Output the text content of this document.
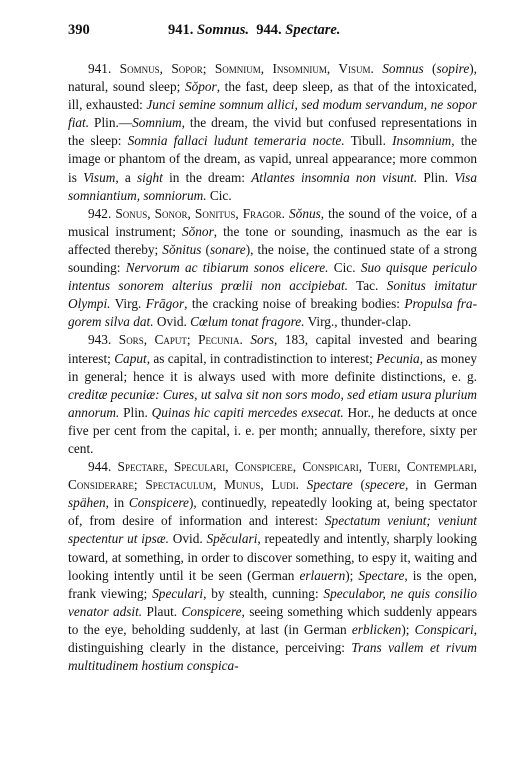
390	941. Somnus.  944. Spectare.

941. Somnus, Sopor; Somnium, Insomnium, Visum. Somnus (sopire), natural, sound sleep; Sŏpor, the fast, deep sleep, as that of the intoxicated, ill, exhausted: Junci semine somnum allici, sed modum servandum, ne sopor fiat. Plin.—Somnium, the dream, the vivid but confused representations in the sleep: Somnia fallaci ludunt temeraria nocte. Tibull. Insomnium, the image or phantom of the dream, as vapid, unreal appearance; more common is Visum, a sight in the dream: Atlantes insomnia non visunt. Plin. Visa somniantium, somniorum. Cic.

942. Sonus, Sonor, Sonitus, Fragor. Sŏnus, the sound of the voice, of a musical instrument; Sŏnor, the tone or sounding, inasmuch as the ear is affected thereby; Sŏnitus (sonare), the noise, the continued state of a strong sounding: Nervorum ac tibiarum sonos elicere. Cic. Suo quisque periculo intentus sonorem alterius prœlii non accipiebat. Tac. Sonitus imitatur Olympi. Virg. Frāgor, the cracking noise of breaking bodies: Propulsa fragorem silva dat. Ovid. Cœlum tonat fragore. Virg., thunder-clap.

943. Sors, Caput; Pecunia. Sors, 183, capital invested and bearing interest; Caput, as capital, in contradistinction to interest; Pecunia, as money in general; hence it is always used with more definite distinctions, e. g. creditæ pecuniæ: Cures, ut salva sit non sors modo, sed etiam usura plurium annorum. Plin. Quinas hic capiti mercedes exsecat. Hor., he deducts at once five per cent from the capital, i. e. per month; annually, therefore, sixty per cent.

944. Spectare, Speculari, Conspicere, Conspicari, Tueri, Contemplari, Considerare; Spectaculum, Munus, Ludi. Spectare (specere, in German spähen, in Conspicere), continuedly, repeatedly looking at, being spectator of, from desire of information and interest: Spectatum veniunt; veniunt spectentur ut ipsæ. Ovid. Spĕculari, repeatedly and intently, sharply looking toward, at something, in order to discover something, to espy it, waiting and looking intently until it be seen (German erlauern); Spectare, is the open, frank viewing; Speculari, by stealth, cunning: Speculabor, ne quis consilio venator adsit. Plaut. Conspicere, seeing something which suddenly appears to the eye, beholding suddenly, at last (in German erblicken); Conspicari, distinguishing clearly in the distance, perceiving: Trans vallem et rivum multitudinem hostium conspica-
